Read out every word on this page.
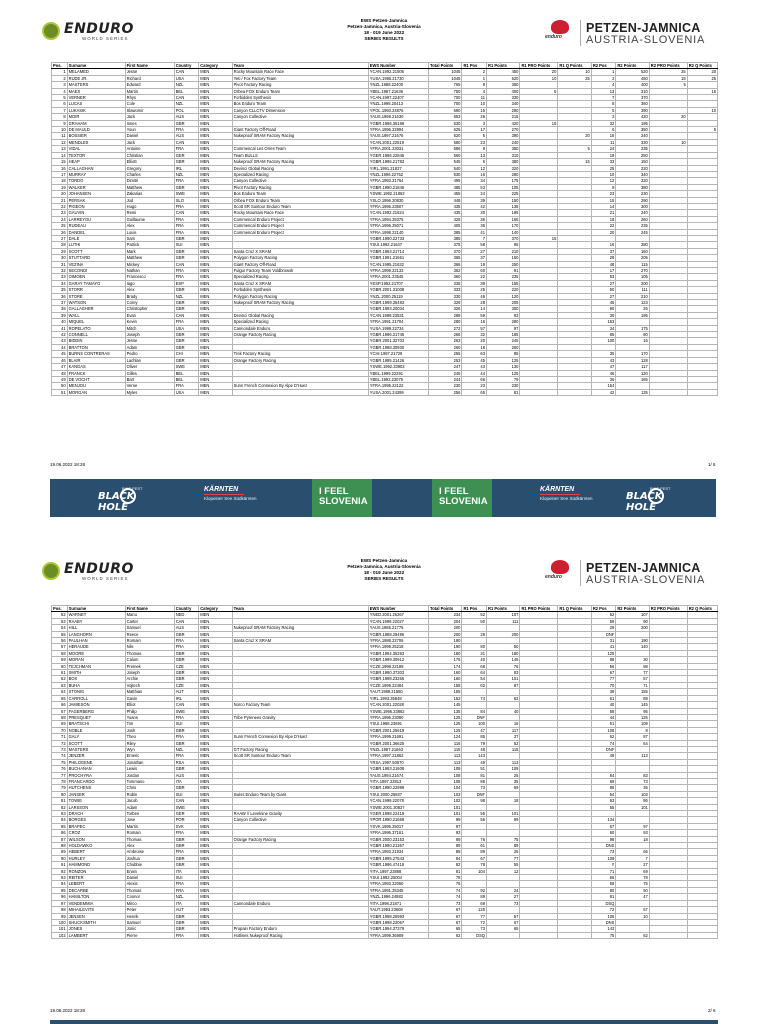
ENDURO
WORLD SERIES
EWS Petzen-Jamnica
Petzen-Jamnica, Austria-Slovenia
18 - 019 June 2022
SERIES RESULTS	enduro
PETZEN-JAMNICA
AUSTRIA-SLOVENIA
Pos.	Surname	First Name	Country	Category	Team	EWS Number	Total Points	R1 Pos	R1 Points	R1 PRO Points	R1 Q Points	R2 Pos	R2 Points	R2 PRO Points	R2 Q Points
1	MELAMED	Jesse	CAN	MEN	Rocky Mountain Race Face	YCAN.1992.21506	1045	2	450	20	10	1	520	25	20
2	RUDE JR.	Richard	USA	MEN	Yeti / Fox Factory Team	YUSA.1995.21730	1045	1	520	10	25	2	450	15	25
3	MASTERS	Edward	NZL	MEN	Pivot Factory Racing	YNZL.1988.22400	765	8	360			4	400	5	
4	MAES	Martin	BEL	MEN	Orbea FOX Enduro Team	YBEL.1987.21636	750	4	400	5		13	310		15
5	VERNER	Rhys	CAN	MEN	Forbidden Synthesis	YCAN.1997.22407	700	11	330			7	370		
6	LUCAS	Cole	NZL	MEN	Bos Enduro Team	YNZL.1998.20413	700	10	340			8	360		
7	LUKASIK	Slawomir	POL	MEN	Canyon CLLCTV Dimension	YPOL.1993.24876	690	15	290			5	390		10
8	MOIR	Jack	AUS	MEN	Canyon Collective	YAUS.1998.21630	653	26	215			3	420	20	
9	GRAHAM	Innes	GBR	MEN		YGBR.1996.35188	630	3	420	15		32	195		
10	DE MAULD	Youn	FRA	MEN	Giant Factory Off-Road	YFRA.1996.22994	625	17	270			6	350		5
11	BOSSIER	Daniel	AUS	MEN	Nukeproof SRAM Factory Racing	YAUS.1997.21676	620	5	390		20	16	240		
12	MENDLES	Jack	CAN	MEN		YCAN.2001.22519	580	23	240			11	330	10	
13	VIDAL	Antoine	FRA	MEN	Commencal Les Orres Team	YFRA.2001.23031	586	9	350		5	24	235		
14	TEXTOR	Christian	GER	MEN	Team BULLS	YGER.1996.22845	560	13	310			19	250		
15	HEAP	Elliott	GBR	MEN	Nukeproof SRAM Factory Racing	YGBR.1996.21783	545	6	380		15	33	150		
16	CALLAGHAN	Gregory	IRL	MEN	Devinci Global Racing	YIRL.1991.21827	540	12	320			25	220		
17	MURRAY	Charles	NZL	MEN	Specialized Racing	YNZL.1996.22752	530	16	280			10	340		
18	TORDO	Dimitri	FRA	MEN	Canyon Collective	YFRA.1993.21764	495	34	175			12	320		
19	WALKER	Matthew	GBR	MEN	Pivot Factory Racing	YGBR.1990.21846	485	53	105			9	380		
20	JOHANSEN	Zakarias	SWE	MEN	Bos Enduro Team	YSWE.1992.21863	455	24	225			23	230		
21	PERSAK	Jod	SLO	MEN	Orbea FOX Enduro Team	YSLO.1996.20830	448	39	150			15	290		
22	PIGEON	Hugo	FRA	MEN	Scott SR Suntour Enduro Team	YFRA.1996.23507	435	42	135			14	300		
23	GAUVIN	Remi	CAN	MEN	Rocky Mountain Race Face	YCAN.1992.21624	435	30	195			21	240		
24	LARREYOU	Guillaume	FRA	MEN	Commencal Enduro Project	YFRA.1994.25375	425	36	165			18	260		
25	RUDEAU	Alex	FRA	MEN	Commencal Enduro Project	YFRA.1996.25071	405	35	170			22	235		
26	DANDEL	Louis	FRA	MEN	Commencal Enduro Project	YFRA.1998.22140	385	41	140			20	245		
27	DALE	Sam	GBR	MEN		YGBR.1990.22733	385	7	370	15					
28	LUTHI	Patrick	SUI	MEN		YSUI.1992.21647	375	58	95			16	280		
29	SCOTT	Mark	GBR	MEN	Santa Cruz X SRAM	YGBR.1993.21714	370	27	210			37	160		
30	STUTTARD	Matthew	GBR	MEN	Polygon Factory Racing	YGBR.1991.21661	365	37	160			28	205		
31	VEZINA	Mickey	CAN	MEN	Giant Factory Off-Road	YCAN.1995.21632	366	19	250			48	115		
32	SECONDI	Nathan	FRA	MEN	Fulgur Factory Team Voldbrowsk	YFRA.1999.22133	362	60	91			17	270		
33	OIMOEN	Francesco	FRA	MEN	Specialized Racing	YFRA.2001.23545	360	22	235			53	105		
34	GARAY TAMAYO	Iago	ESP	MEN	Santa Cruz X SRAM	YESP.1992.21707	335	38	155			27	200		
35	STORR	Alex	GBR	MEN	Forbidden Synthesis	YGBR.2001.31008	333	25	220			50	111		
36	STORE	Brady	NZL	MEN	Polygon Factory Racing	YNZL.2000.25119	330	46	120			27	210		
37	WATSON	Corey	GBR	MEN	Nukeproof SRAM Factory Racing	YGBR.1999.35483	328	28	205			45	123		
38	GALLAGHER	Christopher	GBR	MEN		YGBR.1993.20034	326	14	300			90	26		
39	WALL	Evan	CAN	MEN	Devinci Global Racing	YCAN.1999.23531	288	59	93			30	195		
40	MIQUEL	Kevin	FRA	MEN	Specialized Racing	YFRA.1991.21704	280	16	280			153			
41	ROPELATO	Mitch	USA	MEN	Cannondale Enduro	YUSA.1999.22734	272	57	97			34	175		
42	CONNELL	Joseph	GBR	MEN	Orange Factory Racing	YGBR.1996.21745	266	32	185			65	80		
43	BIDDIN	Jesse	GBR	MEN		YGBR.2001.32703	263	20	245			100	16		
44	BRATTON	Adam	GBR	MEN		YGBR.1988.30930	260	18	260						
45	BURNS CONTRERAS	Pedro	CHI	MEN	Trek Factory Racing	YCHI.1997.21729	255	63	85			35	170		
46	BLAIR	Lachlan	GBR	MEN	Orange Factory Racing	YGBR.1995.21426	253	45	125			43	128		
47	KANGAS	Oliver	SWE	MEN		YSWE.1992.33903	247	43	130			47	117		
48	FRANCK	Gilles	BEL	MEN		YBEL.1999.22291	245	44	125			46	120		
49	DE VOCHT	Bart	BEL	MEN		YBEL.1992.23075	244	66	79			36	165		
50	MENJOU	Verne	FRA	MEN	Sunn French Connexion By Alpe D'Huez	YFRA.1995.22122	230	23	230			154			
51	MORGAN	Myles	USA	MEN		YUSA.2001.24399	256	65	81			42	135		
19.06.2022 18:28	1/ 6
BLACK HOLE
BIKE FEST	KÄRNTEN
Klopeiner See Südkärnten
I FEEL SLOVENIA
I FEEL SLOVENIA
KÄRNTEN
Klopeiner See Südkärnten	BLACK HOLE
BIKE FEST
ENDURO
WORLD SERIES
EWS Petzen-Jamnica
Petzen-Jamnica, Austria-Slovenia
18 - 019 June 2022
SERIES RESULTS	enduro
PETZEN-JAMNICA
AUSTRIA-SLOVENIA
Pos.	Surname	First Name	Country	Category	Team	EWS Number	Total Points	R1 Pos	R1 Points	R1 PRO Points	R1 Q Points	R2 Pos	R2 Points	R2 PRO Points	R2 Q Points
52	WARNET	Manu	NED	MEN		YNED.2001.26267	234	52	107			52	107		
53	RAABY	Carter	CAN	MEN		YCAN.1999.22027	204	50	111			59	90		
54	HILL	Samuel	AUS	MEN	Nukeproof SRAM Factory Racing	YAUS.1985.21775	200					29	200		
55	LANGHORN	Reece	GBR	MEN		YGBR.1988.29486	200	29	200			DNF			
56	PAULHAN	Romain	FRA	MEN	Santa Cruz X SRAM	YFRA.1988.22706	190					31	190		
57	HERAUDE	Nils	FRA	MEN		YFRA.1999.25218	190	80	50			41	140		
58	MOORE	Thomas	GBR	MEN		YGBR.1994.35293	180	31	180			125			
59	MORAN	Calum	GBR	MEN		YGBR.1999.30912	175	40	145			88	30		
60	TEJCHMAN	Premek	CZE	MEN		YCZE.1998.22189	174	68	76			56	98		
61	SMITH	Joseph	GBR	MEN		YGBR.1990.37303	160	64	83			67	77		
62	BOX	Archie	GBR	MEN		YGBR.1998.23265	160	54	101			77	57		
63	BUHA	Vojtech	CZE	MEN		YCZE.1999.22484	158	62	87			70	71		
64	STONIG	Matthias	AUT	MEN		YAUT.1989.21580	155					38	155		
65	CARROLL	Gavin	IRL	MEN		YIRL.1993.35848	152	74	62			61	89		
66	JAMIESON	Elliot	CAN	MEN	Norco Factory Team	YCAN.2001.22028	145					40	145		
67	FAGERBERG	Philip	SWE	MEN		YSWE.1996.23882	135	84	40			58	95		
68	PRESQUET	Yoann	FRA	MEN	Tribe Pyrenees Gravity	YFRA.1996.23080	125	DNF				44	125		
69	BRATSCHI	Tim	SUI	MEN		YSUI.1988.23691	125	100	16			51	109		
70	NOBLE	Josh	GBR	MEN		YGBR.2001.25619	125	47	117			108	8		
71	GALY	Theo	FRA	MEN	Sunn French Connexion By Alpe D'Huez	YFRA.1999.21691	124	85	37			62	87		
72	SCOTT	Riley	GBR	MEN		YGBR.2001.36625	116	79	52			74	64		
73	MASTERS	Wyn	NZL	MEN	GT Factory Racing	YNZL.1987.21663	115	48	115			DNF			
74	JENZER	Emeric	FRA	MEN	Scott SR Suntour Enduro Team	YFRA.1997.21862	113	143				49	113		
75	PHILOGENE	Jonathan	RSA	MEN		YRSA.1997.50570	113	49	113						
76	BUCHANAN	Lewis	GBR	MEN		YGBR.1993.21608	109	51	109						
77	PROCHYRA	Jordan	AUS	MEN		YAUS.1994.21674	108	81	25			64	83		
78	FRANCARDO	Tommaso	ITA	MEN		YITA.1997.22813	108	86	35			69	73		
79	HUTCHENS	Chris	GBR	MEN		YGBR.1990.22999	104	73	69			86	35		
80	JANSER	Robin	SUI	MEN	Swiss Enduro Team by Giant	YSUI.2000.25837	103	DNF				54	103		
81	TOWIE	Jacob	CAN	MEN		YCAN.1999.22078	102	98	18			63	86		
82	LARSSON	Adam	SWE	MEN		YSWE.2001.30837	101					55	101		
83	DRACH	Torben	GER	MEN	RAAW // Levelnine Gravity	YGER.1998.22419	101	55	101						
84	BORGES	Jose	POR	MEN	Canyon Collective	YPOR.1990.21669	99	56	99			134			
85	BRAPEC	Martin	SVK	MEN		YSVK.1996.25017	97					57	97		
86	CROZ	Romain	FRA	MEN		YFRA.1996.37161	93					60	93		
87	WILSON	Thomas	GBR	MEN	Orange Factory Racing	YGBR.2000.23153	89	76	75			98	18		
88	HOLDAWKO	Alex	GBR	MEN		YGBR.1990.21367	89	61	89			DNS			
89	HEBERT	Ambroise	FRA	MEN		YFRA.1993.21934	88	89	25			73	66		
90	HURLEY	Joshua	GBR	MEN		YGBR.1995.27543	84	67	77			109	7		
91	HAMMOND	Chubbie	GBR	MEN		YGBR.1996.47418	82	78	55			Y	27		
92	RONZON	Erwin	ITA	MEN		YITA.1997.23868	81	104	12			71	69		
93	REITER	Daniel	SUI	MEN		YSUI.1992.25004	78					66	78		
94	LEBERT	Alexis	FRA	MEN		YFRA.1993.22060	75					68	75		
95	DECARBE	Thomas	FRA	MEN		YFRA.1991.25345	74	92	24			80	50		
96	HAMILTON	Connor	NZL	MEN		YNZL.1996.24882	74	89	27			81	47		
97	VENDEMMIA	Mirco	ITA	MEN	Cannondale Enduro	YITA.1998.21871	73	69	73			DSQ			
98	MIHAILEVITS	Peter	AUT	MEN		YAUT.1993.23608	67	125				72	67		
99	JENSEN	Henrik	GBR	MEN		YGBR.1998.25993	67	77	57			106	10		
100	SHUCKSMITH	Samuel	GBR	MEN		YGBR.1998.22067	67	72	67			DNS			
101	JONES	Jonic	GBR	MEN	Propain Factory Enduro	YGBR.1994.37379	65	73	65			143			
102	LAMBERT	Pierre	FRA	MEN	Hotlines Nukeproof Racing	YFRA.1999.36909	62	DSQ				75	62		
19.06.2022 18:28	2/ 6
